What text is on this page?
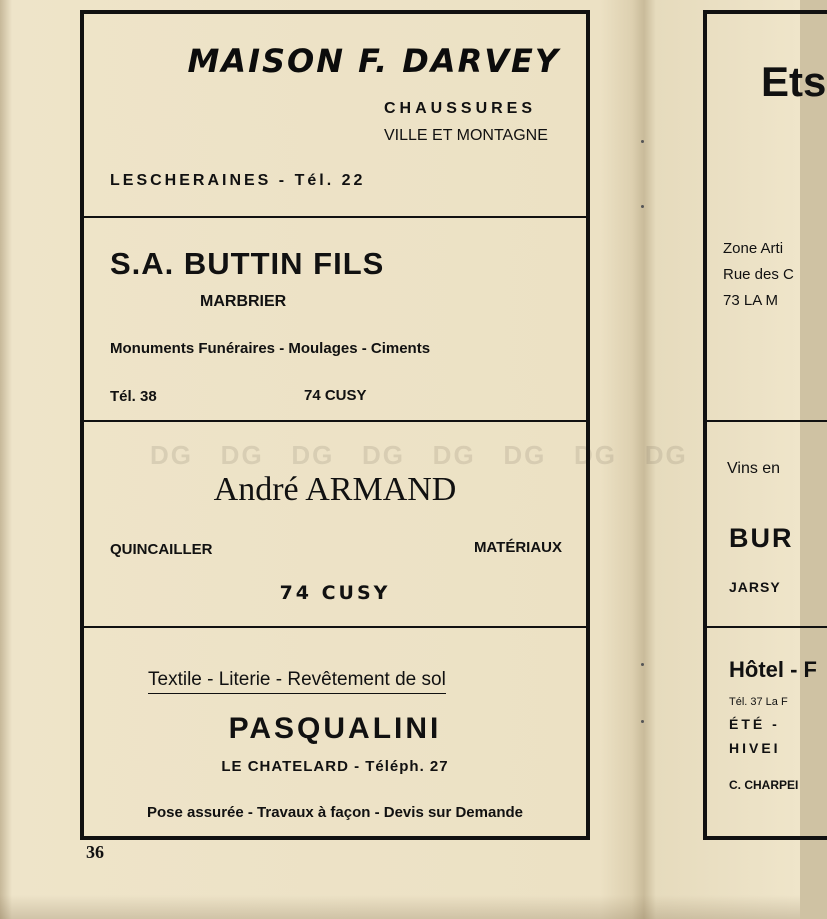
DG   DG   DG   DG   DG   DG   DG   DG
MAISON F. DARVEY
CHAUSSURES
VILLE ET MONTAGNE
LESCHERAINES - Tél. 22
S.A. BUTTIN FILS
MARBRIER
Monuments Funéraires - Moulages - Ciments
Tél. 38	74 CUSY
André ARMAND
QUINCAILLER	MATÉRIAUX
74 CUSY
Textile - Literie - Revêtement de sol
PASQUALINI
LE CHATELARD - Téléph. 27
Pose assurée - Travaux à façon - Devis sur Demande
36
Ets
Zone Arti
Rue des C
73 LA M
Vins en
BUR
JARSY
Hôtel - F
Tél. 37 La F
ÉTÉ -
HIVEI
C. CHARPEI
